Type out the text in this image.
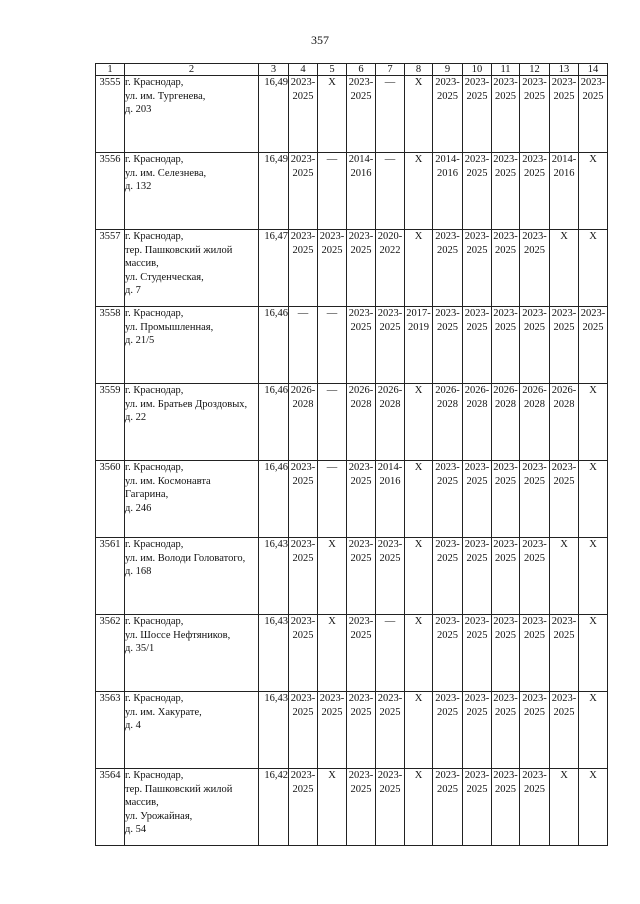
357
1	2	3	4	5	6	7	8	9	10	11	12	13	14
3555	г. Краснодар,
ул. им. Тургенева,
д. 203	16,49	2023-
2025	X	2023-
2025	—	X	2023-
2025	2023-
2025	2023-
2025	2023-
2025	2023-
2025	2023-
2025
3556	г. Краснодар,
ул. им. Селезнева,
д. 132	16,49	2023-
2025	—	2014-
2016	—	X	2014-
2016	2023-
2025	2023-
2025	2023-
2025	2014-
2016	X
3557	г. Краснодар,
тер. Пашковский жилой
массив,
ул. Студенческая,
д. 7	16,47	2023-
2025	2023-
2025	2023-
2025	2020-
2022	X	2023-
2025	2023-
2025	2023-
2025	2023-
2025	X	X
3558	г. Краснодар,
ул. Промышленная,
д. 21/5	16,46	—	—	2023-
2025	2023-
2025	2017-
2019	2023-
2025	2023-
2025	2023-
2025	2023-
2025	2023-
2025	2023-
2025
3559	г. Краснодар,
ул. им. Братьев Дроздовых,
д. 22	16,46	2026-
2028	—	2026-
2028	2026-
2028	X	2026-
2028	2026-
2028	2026-
2028	2026-
2028	2026-
2028	X
3560	г. Краснодар,
ул. им. Космонавта
Гагарина,
д. 246	16,46	2023-
2025	—	2023-
2025	2014-
2016	X	2023-
2025	2023-
2025	2023-
2025	2023-
2025	2023-
2025	X
3561	г. Краснодар,
ул. им. Володи Головатого,
д. 168	16,43	2023-
2025	X	2023-
2025	2023-
2025	X	2023-
2025	2023-
2025	2023-
2025	2023-
2025	X	X
3562	г. Краснодар,
ул. Шоссе Нефтяников,
д. 35/1	16,43	2023-
2025	X	2023-
2025	—	X	2023-
2025	2023-
2025	2023-
2025	2023-
2025	2023-
2025	X
3563	г. Краснодар,
ул. им. Хакурате,
д. 4	16,43	2023-
2025	2023-
2025	2023-
2025	2023-
2025	X	2023-
2025	2023-
2025	2023-
2025	2023-
2025	2023-
2025	X
3564	г. Краснодар,
тер. Пашковский жилой
массив,
ул. Урожайная,
д. 54	16,42	2023-
2025	X	2023-
2025	2023-
2025	X	2023-
2025	2023-
2025	2023-
2025	2023-
2025	X	X
